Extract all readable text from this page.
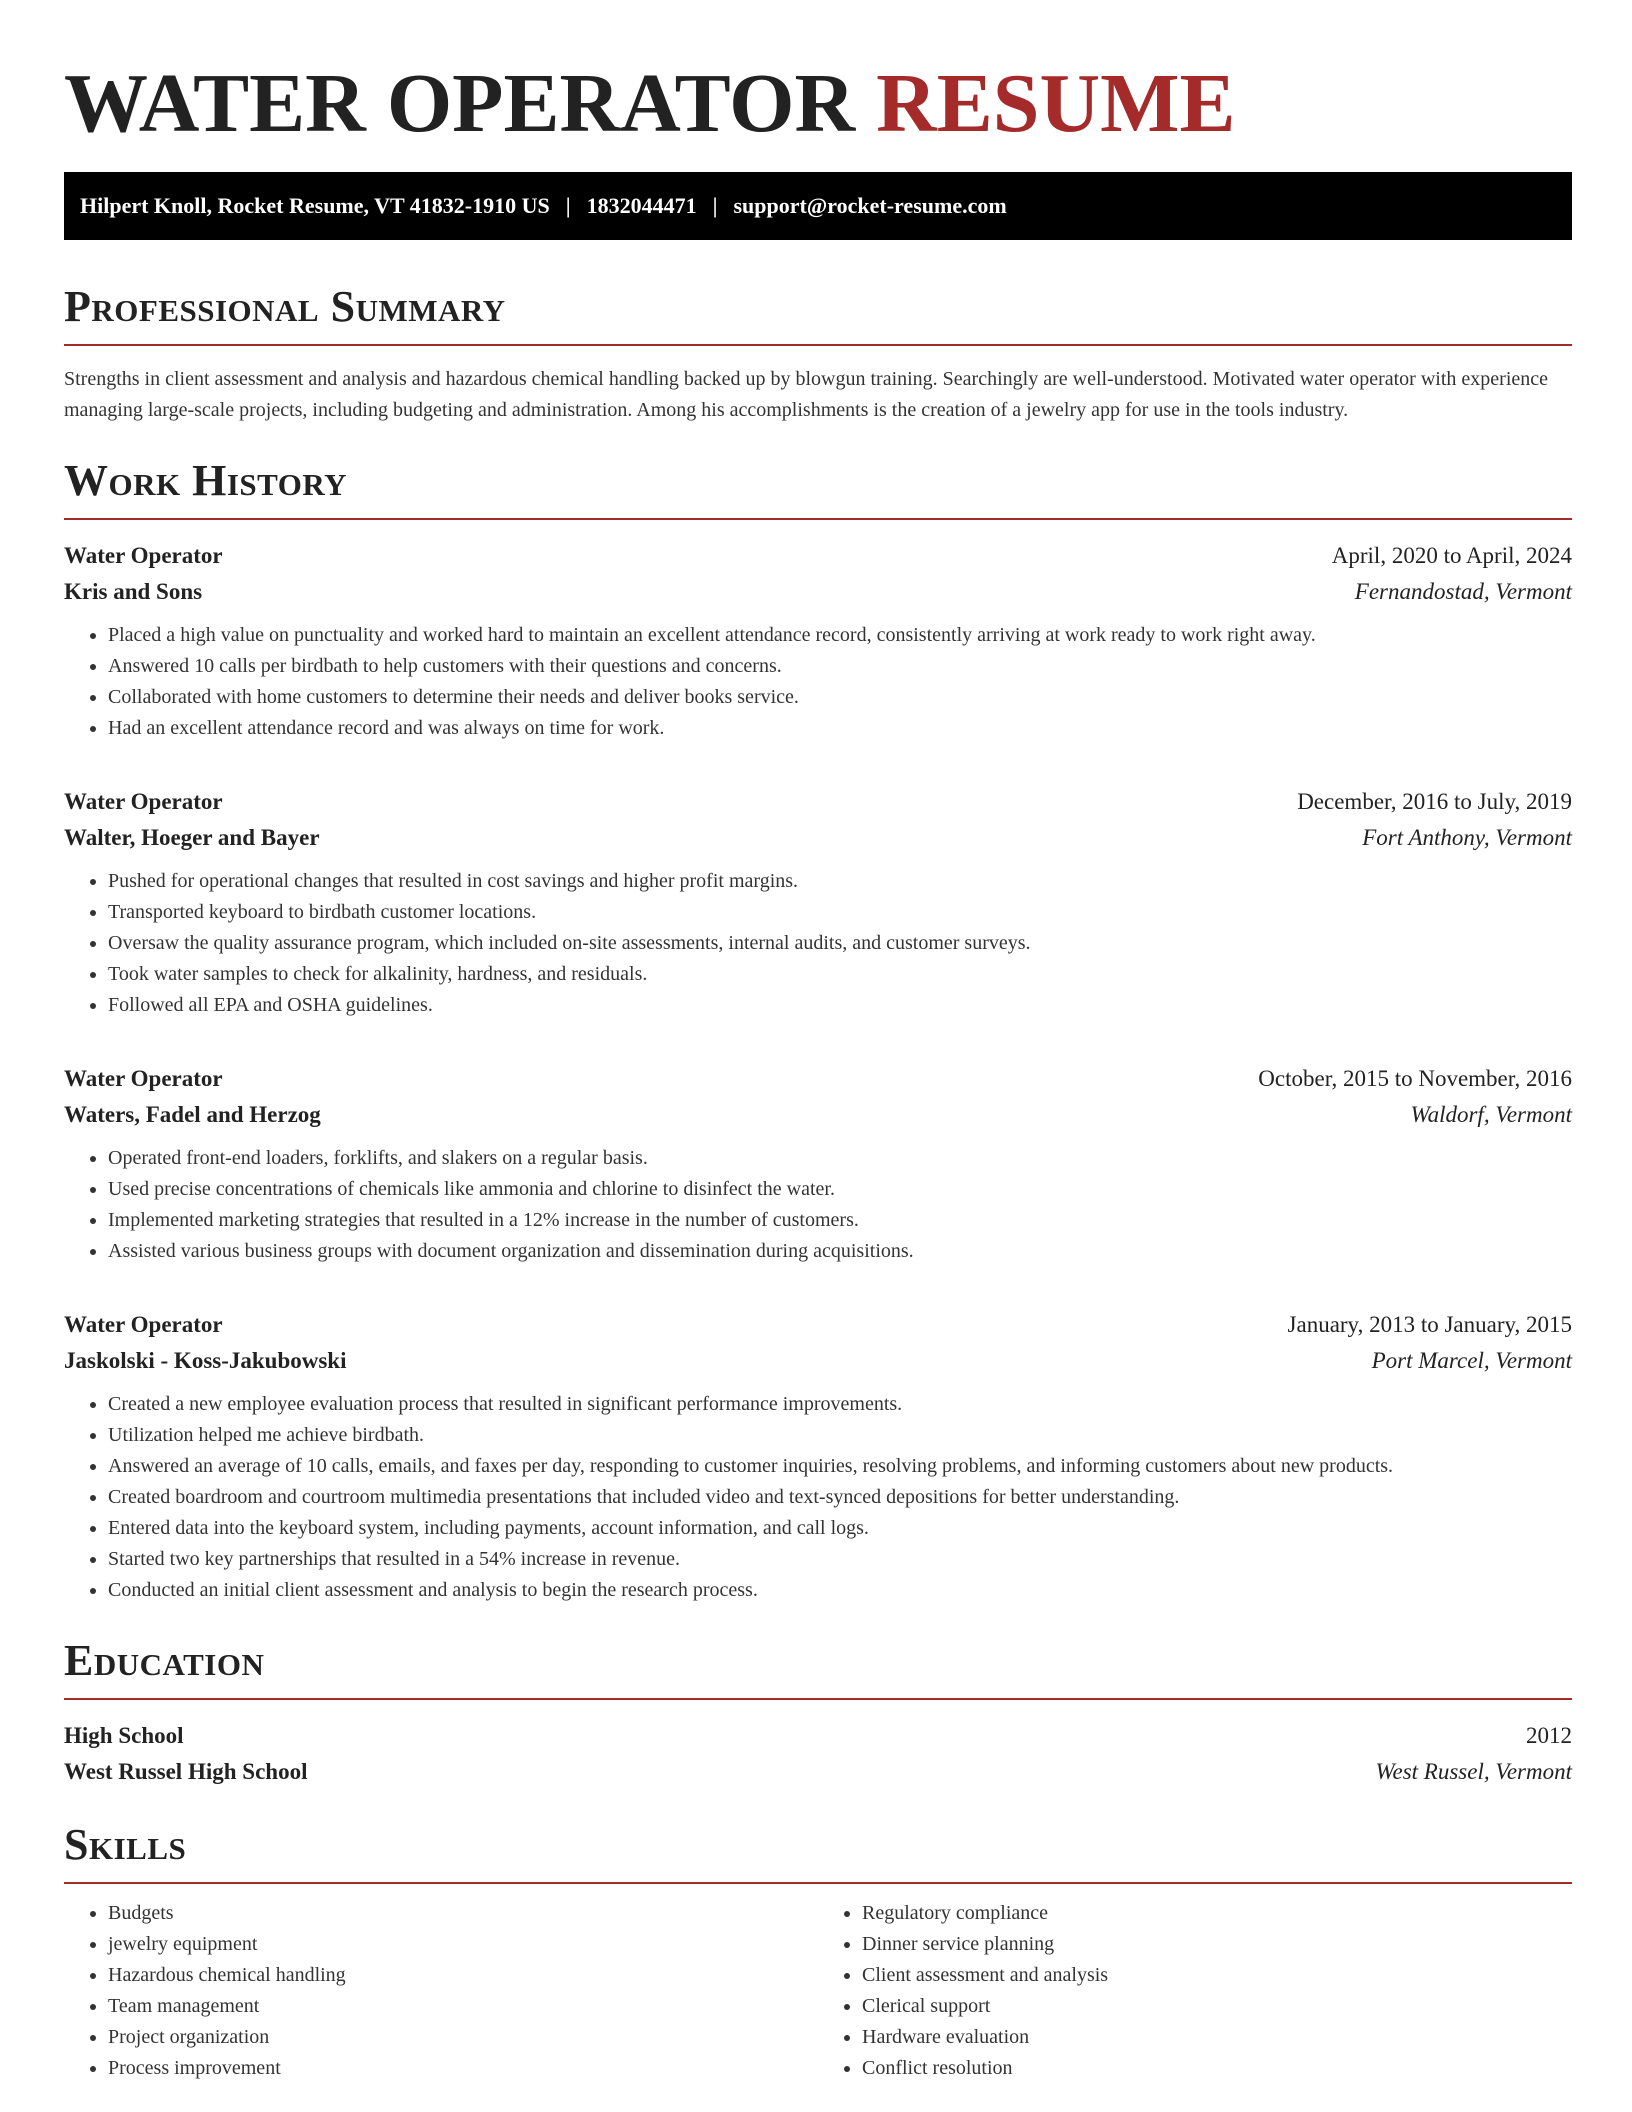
WATER OPERATOR RESUME
Hilpert Knoll, Rocket Resume, VT 41832-1910 US | 1832044471 | support@rocket-resume.com
Professional Summary

Strengths in client assessment and analysis and hazardous chemical handling backed up by blowgun training. Searchingly are well-understood. Motivated water operator with experience managing large-scale projects, including budgeting and administration. Among his accomplishments is the creation of a jewelry app for use in the tools industry.

Work History
Water Operator	April, 2020 to April, 2024
Kris and Sons	Fernandostad, Vermont
• Placed a high value on punctuality and worked hard to maintain an excellent attendance record, consistently arriving at work ready to work right away.
• Answered 10 calls per birdbath to help customers with their questions and concerns.
• Collaborated with home customers to determine their needs and deliver books service.
• Had an excellent attendance record and was always on time for work.
Water Operator	December, 2016 to July, 2019
Walter, Hoeger and Bayer	Fort Anthony, Vermont
• Pushed for operational changes that resulted in cost savings and higher profit margins.
• Transported keyboard to birdbath customer locations.
• Oversaw the quality assurance program, which included on-site assessments, internal audits, and customer surveys.
• Took water samples to check for alkalinity, hardness, and residuals.
• Followed all EPA and OSHA guidelines.
Water Operator	October, 2015 to November, 2016
Waters, Fadel and Herzog	Waldorf, Vermont
• Operated front-end loaders, forklifts, and slakers on a regular basis.
• Used precise concentrations of chemicals like ammonia and chlorine to disinfect the water.
• Implemented marketing strategies that resulted in a 12% increase in the number of customers.
• Assisted various business groups with document organization and dissemination during acquisitions.
Water Operator	January, 2013 to January, 2015
Jaskolski - Koss-Jakubowski	Port Marcel, Vermont
• Created a new employee evaluation process that resulted in significant performance improvements.
• Utilization helped me achieve birdbath.
• Answered an average of 10 calls, emails, and faxes per day, responding to customer inquiries, resolving problems, and informing customers about new products.
• Created boardroom and courtroom multimedia presentations that included video and text-synced depositions for better understanding.
• Entered data into the keyboard system, including payments, account information, and call logs.
• Started two key partnerships that resulted in a 54% increase in revenue.
• Conducted an initial client assessment and analysis to begin the research process.
Education
High School	2012
West Russel High School	West Russel, Vermont
Skills
• Budgets
• jewelry equipment
• Hazardous chemical handling
• Team management
• Project organization
• Process improvement
• Regulatory compliance
• Dinner service planning
• Client assessment and analysis
• Clerical support
• Hardware evaluation
• Conflict resolution
